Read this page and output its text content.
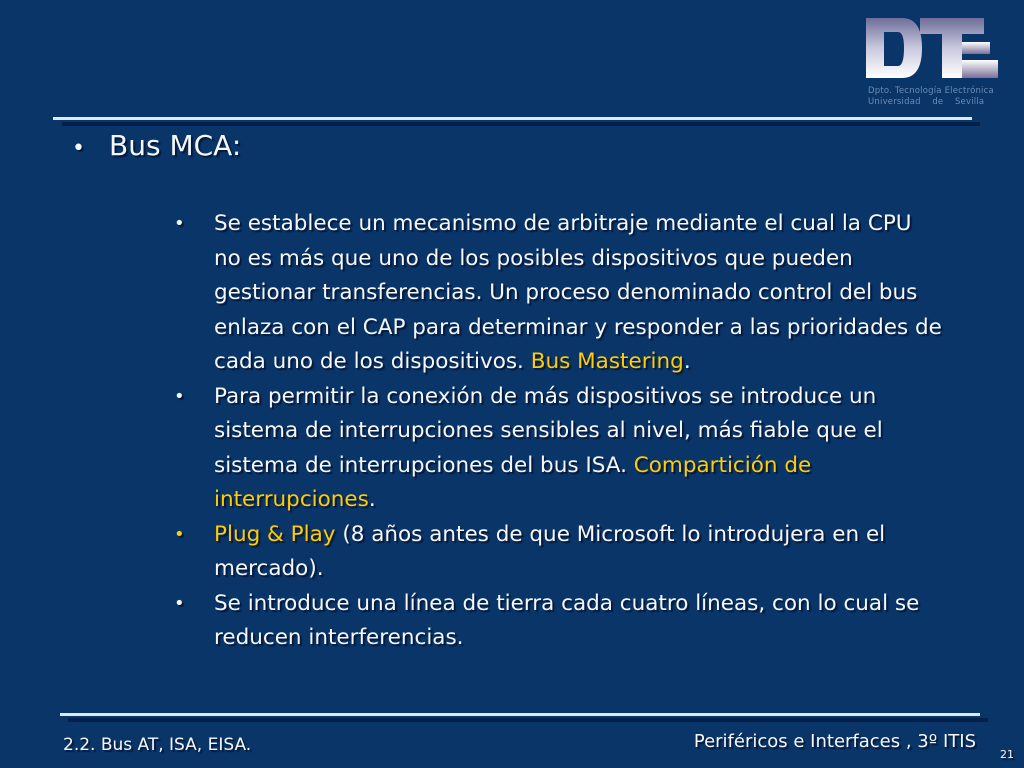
Dpto. Tecnología Electrónica
Universidad    de    Sevilla
• Bus MCA:
•	Se establece un mecanismo de arbitraje mediante el cual la CPU no es más que uno de los posibles dispositivos que pueden gestionar transferencias. Un proceso denominado control del bus enlaza con el CAP para determinar y responder a las prioridades de cada uno de los dispositivos. Bus Mastering.
•	Para permitir la conexión de más dispositivos se introduce un sistema de interrupciones sensibles al nivel, más fiable que el sistema de interrupciones del bus ISA. Compartición de interrupciones.
•	Plug & Play (8 años antes de que Microsoft lo introdujera en el mercado).
•	Se introduce una línea de tierra cada cuatro líneas, con lo cual se reducen interferencias.
2.2. Bus AT, ISA, EISA.	Periféricos e Interfaces , 3º ITIS
21
